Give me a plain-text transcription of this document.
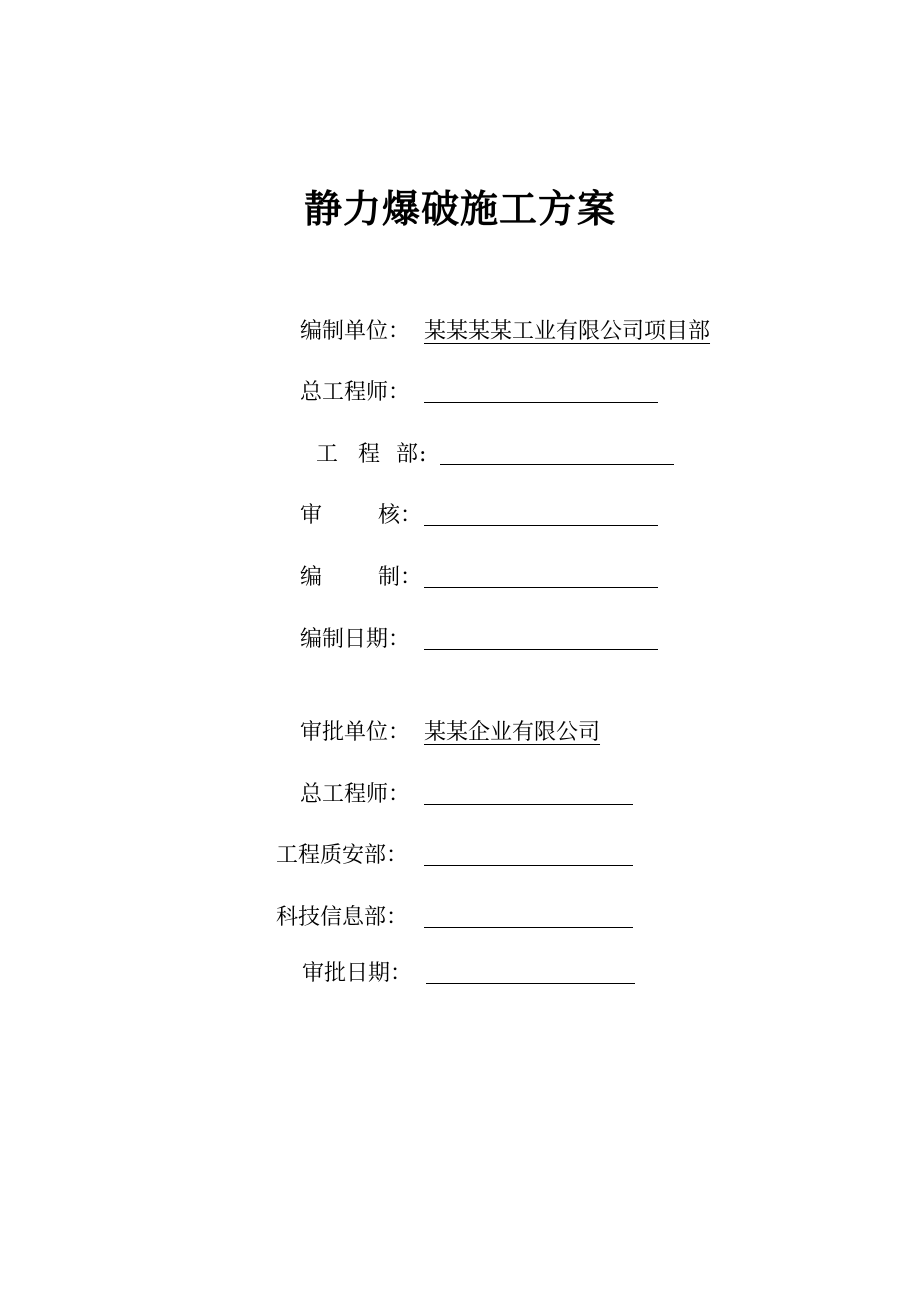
静力爆破施工方案
编制单位： 某某某某工业有限公司项目部
总工程师：
工 程 部 :
审	核：
编	制：
编制日期：
审批单位： 某某企业有限公司
总工程师：
工程质安部：
科技信息部：
审批日期：
